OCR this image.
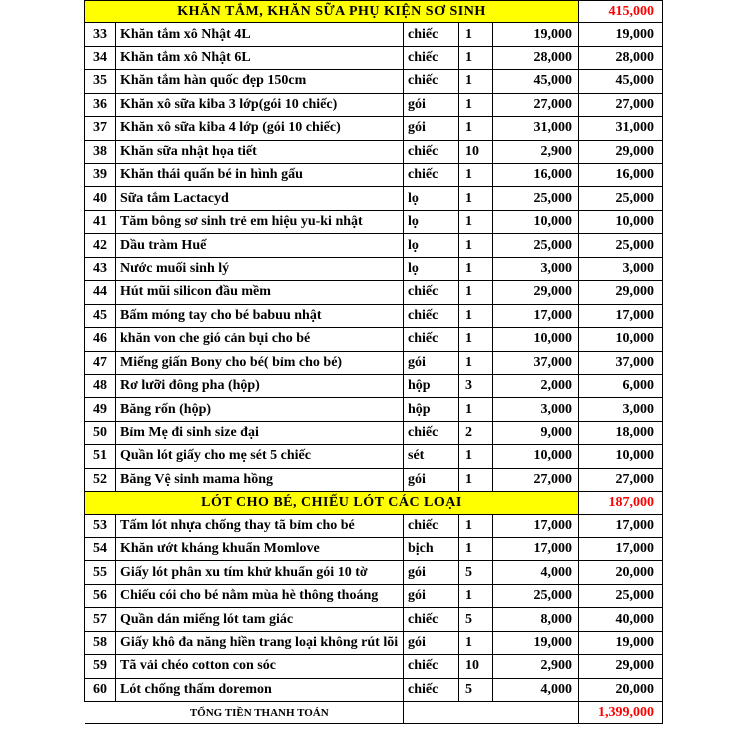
KHĂN TẮM, KHĂN SỮA PHỤ KIỆN SƠ SINH					415,000
33	Khăn tắm xô Nhật 4L	chiếc	1	19,000	19,000
34	Khăn tắm xô Nhật 6L	chiếc	1	28,000	28,000
35	Khăn tắm hàn quốc đẹp 150cm	chiếc	1	45,000	45,000
36	Khăn xô sữa kiba 3 lớp(gói 10 chiếc)	gói	1	27,000	27,000
37	Khăn xô sữa kiba 4 lớp (gói 10 chiếc)	gói	1	31,000	31,000
38	Khăn sữa nhật họa tiết	chiếc	10	2,900	29,000
39	Khăn thái quấn bé in hình gấu	chiếc	1	16,000	16,000
40	Sữa tắm Lactacyd	lọ	1	25,000	25,000
41	Tăm bông sơ sinh trẻ em hiệu yu-ki nhật	lọ	1	10,000	10,000
42	Dầu tràm Huế	lọ	1	25,000	25,000
43	Nước muối sinh lý	lọ	1	3,000	3,000
44	Hút mũi silicon đầu mềm	chiếc	1	29,000	29,000
45	Bấm móng tay cho bé babuu nhật	chiếc	1	17,000	17,000
46	khăn von che gió cản bụi cho bé	chiếc	1	10,000	10,000
47	Miếng giấn Bony cho bé( bỉm cho bé)	gói	1	37,000	37,000
48	Rơ lưỡi đông pha (hộp)	hộp	3	2,000	6,000
49	Băng rốn (hộp)	hộp	1	3,000	3,000
50	Bỉm Mẹ đi sinh size đại	chiếc	2	9,000	18,000
51	Quần lót giấy cho mẹ sét 5 chiếc	sét	1	10,000	10,000
52	Băng Vệ sinh mama hồng	gói	1	27,000	27,000
LÓT CHO BÉ, CHIẾU LÓT CÁC LOẠI					187,000
53	Tấm lót nhựa chống thay tã bỉm cho bé	chiếc	1	17,000	17,000
54	Khăn ướt kháng khuẩn Momlove	bịch	1	17,000	17,000
55	Giấy lót phân xu tím khử khuẩn gói 10 tờ	gói	5	4,000	20,000
56	Chiếu cói cho bé nằm mùa hè thông thoáng	gói	1	25,000	25,000
57	Quần dán miếng lót tam giác	chiếc	5	8,000	40,000
58	Giấy khô đa năng hiền trang loại không rút lõi	gói	1	19,000	19,000
59	Tã vải chéo cotton con sóc	chiếc	10	2,900	29,000
60	Lót chống thấm doremon	chiếc	5	4,000	20,000
	TỔNG TIỀN THANH TOÁN				1,399,000
